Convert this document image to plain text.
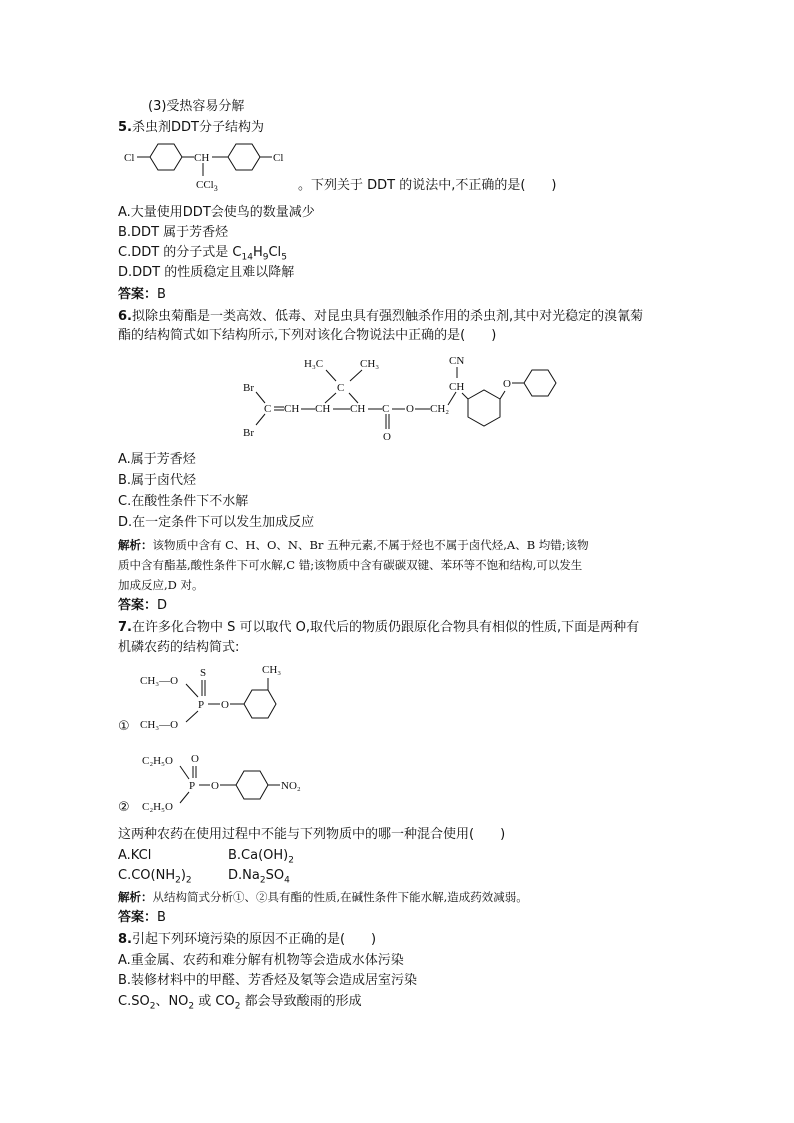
(3)受热容易分解
5.杀虫剂DDT分子结构为
。下列关于 DDT 的说法中,不正确的是(　　)
A.大量使用DDT会使鸟的数量减少
B.DDT 属于芳香烃
C.DDT 的分子式是 $C_{14}H_9Cl_5$
D.DDT 的性质稳定且难以降解
答案：B
6.拟除虫菊酯是一类高效、低毒、对昆虫具有强烈触杀作用的杀虫剂,其中对光稳定的溴氰菊
酯的结构简式如下结构所示,下列对该化合物说法中正确的是(　　)
A.属于芳香烃
B.属于卤代烃
C.在酸性条件下不水解
D.在一定条件下可以发生加成反应
解析：该物质中含有 C、H、O、N、Br 五种元素,不属于烃也不属于卤代烃,A、B 均错;该物
质中含有酯基,酸性条件下可水解,C 错;该物质中含有碳碳双键、苯环等不饱和结构,可以发生
加成反应,D 对。
答案：D
7.在许多化合物中 S 可以取代 O,取代后的物质仍跟原化合物具有相似的性质,下面是两种有
机磷农药的结构简式:
①
②
这两种农药在使用过程中不能与下列物质中的哪一种混合使用(　　)
A.KCl	$B.Ca(OH)_2$
$C.CO(NH_2)_2$	$D.Na_2SO_4$
解析：从结构简式分析①、②具有酯的性质,在碱性条件下能水解,造成药效减弱。
答案：B
8.引起下列环境污染的原因不正确的是(　　)
A.重金属、农药和难分解有机物等会造成水体污染
B.装修材料中的甲醛、芳香烃及氡等会造成居室污染
$C.SO_2$、$NO_2$ 或 $CO_2$ 都会导致酸雨的形成
Cl	CH	Cl
CCl$_3$
H₃C	CH₃
C
Br
Br
C CH CH CH C
O
O CH₂
CN
CH	O
S
CH₃—O
P O
CH₃
CH₃—O
O
C₂H₅O
P O	NO₂
C₂H₅O
